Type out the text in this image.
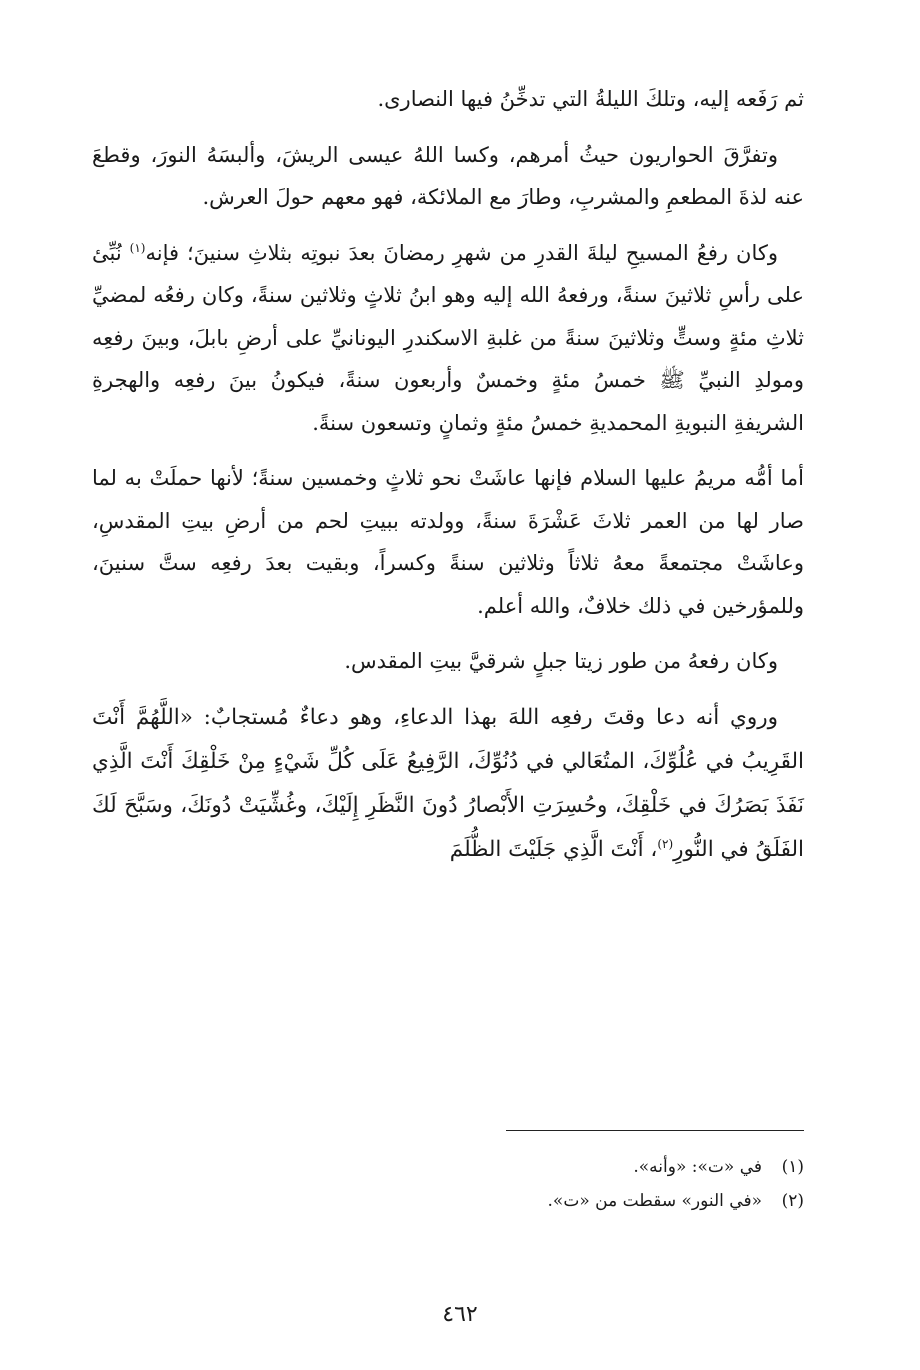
ثم رَفَعه إليه، وتلكَ الليلةُ التي تدخِّنُ فيها النصارى.

وتفرَّقَ الحواريون حيثُ أمرهم، وكسا اللهُ عيسى الريشَ، وألبسَهُ النورَ، وقطعَ عنه لذةَ المطعمِ والمشربِ، وطارَ مع الملائكة، فهو معهم حولَ العرش.

وكان رفعُ المسيحِ ليلةَ القدرِ من شهرِ رمضانَ بعدَ نبوتِه بثلاثِ سنينَ؛ فإنه$^{(١)}$ نُبِّئ على رأسِ ثلاثينَ سنةً، ورفعهُ الله إليه وهو ابنُ ثلاثٍ وثلاثين سنةً، وكان رفعُه لمضيِّ ثلاثِ مئةٍ وستٍّ وثلاثينَ سنةً من غلبةِ الاسكندرِ اليونانيِّ على أرضِ بابلَ، وبينَ رفعِه ومولدِ النبيِّ ﷺ خمسُ مئةٍ وخمسٌ وأربعون سنةً، فيكونُ بينَ رفعِه والهجرةِ الشريفةِ النبويةِ المحمديةِ خمسُ مئةٍ وثمانٍ وتسعون سنةً.

أما أمُّه مريمُ عليها السلام فإنها عاشَتْ نحو ثلاثٍ وخمسين سنةً؛ لأنها حملَتْ به لما صار لها من العمر ثلاثَ عَشْرَةَ سنةً، وولدته ببيتِ لحم من أرضِ بيتِ المقدسِ، وعاشَتْ مجتمعةً معهُ ثلاثاً وثلاثين سنةً وكسراً، وبقيت بعدَ رفعِه ستَّ سنينَ، وللمؤرخين في ذلك خلافٌ، والله أعلم.

وكان رفعهُ من طور زيتا جبلٍ شرقيَّ بيتِ المقدس.

وروي أنه دعا وقتَ رفعِه اللهَ بهذا الدعاءِ، وهو دعاءٌ مُستجابٌ: «اللَّهُمَّ أَنْتَ القَرِيبُ في عُلُوِّكَ، المتُعَالي في دُنُوِّكَ، الرَّفِيعُ عَلَى كُلِّ شَيْءٍ مِنْ خَلْقِكَ أَنْتَ الَّذِي نَفَذَ بَصَرُكَ في خَلْقِكَ، وحُسِرَتِ الأَبْصارُ دُونَ النَّظَرِ إِلَيْكَ، وغُشِّيَتْ دُونَكَ، وسَبَّحَ لَكَ الفَلَقُ في النُّورِ$^{(٢)}$، أَنْتَ الَّذِي جَلَيْتَ الظُّلَمَ

(١)
في «ت»: «وأنه».
(٢)
«في النور» سقطت من «ت».
٤٦٢
